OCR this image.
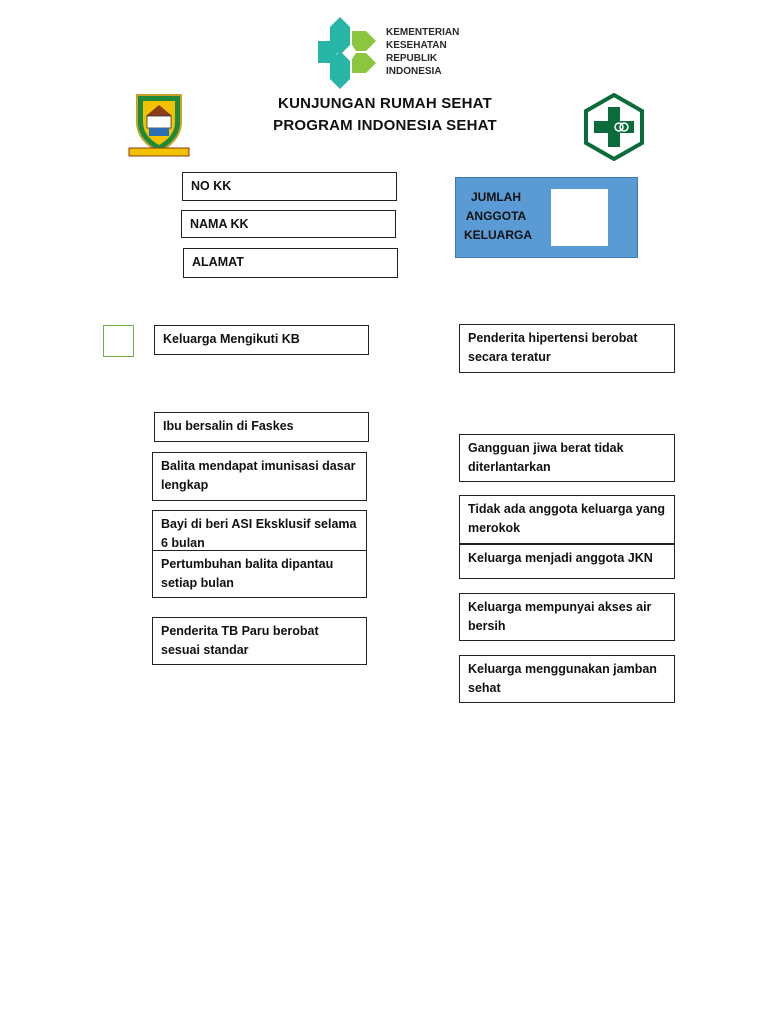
KEMENTERIAN
KESEHATAN
REPUBLIK
INDONESIA
KUNJUNGAN RUMAH SEHAT
PROGRAM INDONESIA SEHAT
NO KK
NAMA KK
ALAMAT
JUMLAH ANGGOTA KELUARGA
Keluarga Mengikuti KB
Ibu bersalin di Faskes
Balita mendapat imunisasi dasar lengkap
Bayi di beri ASI Eksklusif selama 6 bulan
Pertumbuhan balita dipantau setiap bulan
Penderita TB Paru berobat sesuai standar
Penderita hipertensi berobat secara teratur
Gangguan jiwa berat tidak diterlantarkan
Tidak ada anggota keluarga yang merokok
Keluarga menjadi anggota JKN
Keluarga mempunyai akses air bersih
Keluarga menggunakan jamban sehat
